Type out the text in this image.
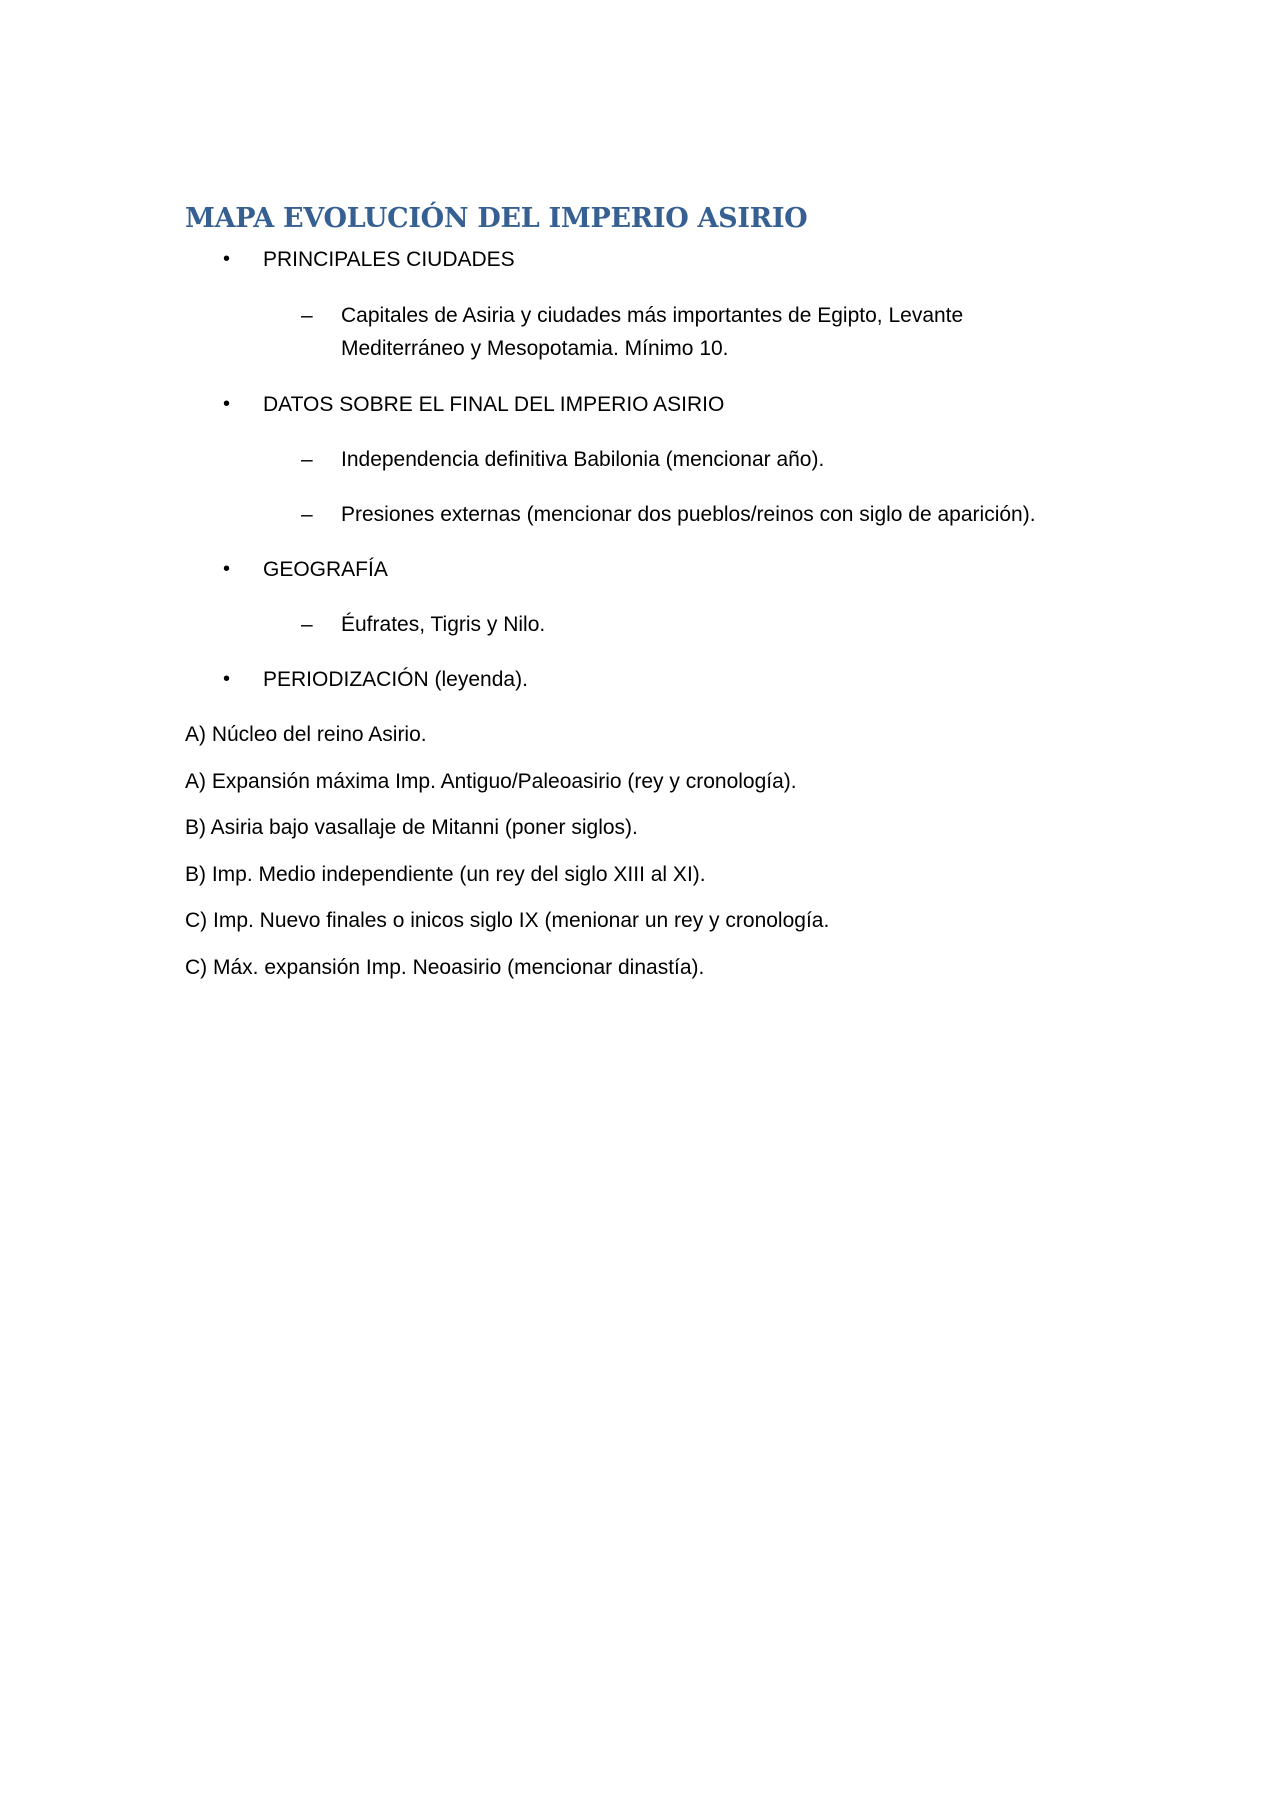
MAPA EVOLUCIÓN DEL IMPERIO ASIRIO
• PRINCIPALES CIUDADES
– Capitales de Asiria y ciudades más importantes de Egipto, Levante Mediterráneo y Mesopotamia. Mínimo 10.
• DATOS SOBRE EL FINAL DEL IMPERIO ASIRIO
– Independencia definitiva Babilonia (mencionar año).
– Presiones externas (mencionar dos pueblos/reinos con siglo de aparición).
• GEOGRAFÍA
– Éufrates, Tigris y Nilo.
• PERIODIZACIÓN (leyenda).
A) Núcleo del reino Asirio.
A) Expansión máxima Imp. Antiguo/Paleoasirio (rey y cronología).
B) Asiria bajo vasallaje de Mitanni (poner siglos).
B) Imp. Medio independiente (un rey del siglo XIII al XI).
C) Imp. Nuevo finales o inicos siglo IX (menionar un rey y cronología.
C) Máx. expansión Imp. Neoasirio (mencionar dinastía).
